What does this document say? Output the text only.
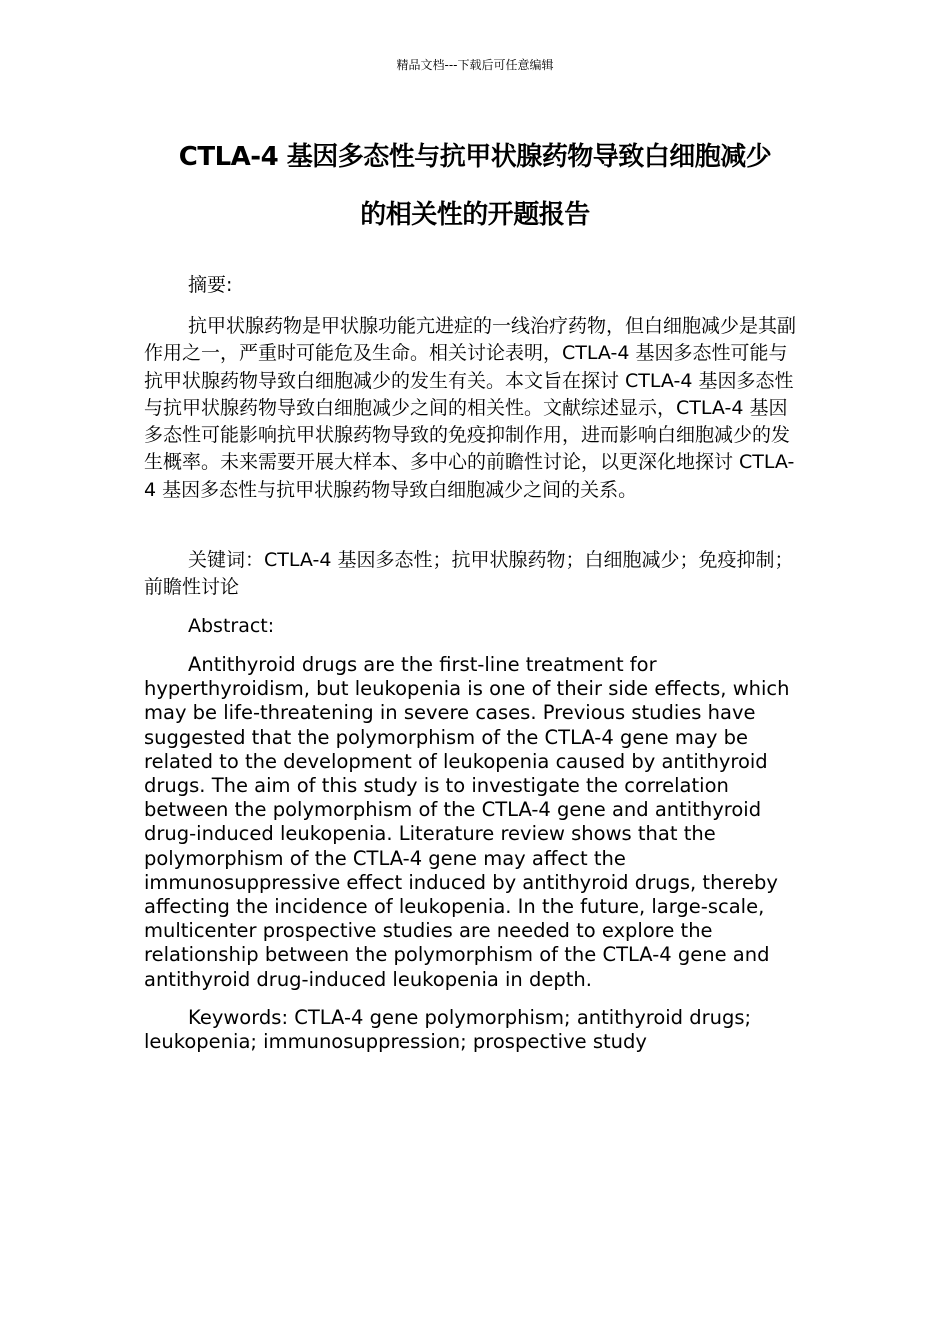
精品文档---下载后可任意编辑
CTLA-4 基因多态性与抗甲状腺药物导致白细胞减少
的相关性的开题报告

摘要:

抗甲状腺药物是甲状腺功能亢进症的一线治疗药物，但白细胞减少是其副作用之一，严重时可能危及生命。相关讨论表明，CTLA-4 基因多态性可能与抗甲状腺药物导致白细胞减少的发生有关。本文旨在探讨 CTLA-4 基因多态性与抗甲状腺药物导致白细胞减少之间的相关性。文献综述显示，CTLA-4 基因多态性可能影响抗甲状腺药物导致的免疫抑制作用，进而影响白细胞减少的发生概率。未来需要开展大样本、多中心的前瞻性讨论，以更深化地探讨 CTLA-4 基因多态性与抗甲状腺药物导致白细胞减少之间的关系。

关键词：CTLA-4 基因多态性；抗甲状腺药物；白细胞减少；免疫抑制；前瞻性讨论

Abstract:

Antithyroid drugs are the first-line treatment for hyperthyroidism, but leukopenia is one of their side effects, which may be life-threatening in severe cases. Previous studies have suggested that the polymorphism of the CTLA-4 gene may be related to the development of leukopenia caused by antithyroid drugs. The aim of this study is to investigate the correlation between the polymorphism of the CTLA-4 gene and antithyroid drug-induced leukopenia. Literature review shows that the polymorphism of the CTLA-4 gene may affect the immunosuppressive effect induced by antithyroid drugs, thereby affecting the incidence of leukopenia. In the future, large-scale, multicenter prospective studies are needed to explore the relationship between the polymorphism of the CTLA-4 gene and antithyroid drug-induced leukopenia in depth.

Keywords: CTLA-4 gene polymorphism; antithyroid drugs; leukopenia; immunosuppression; prospective study
